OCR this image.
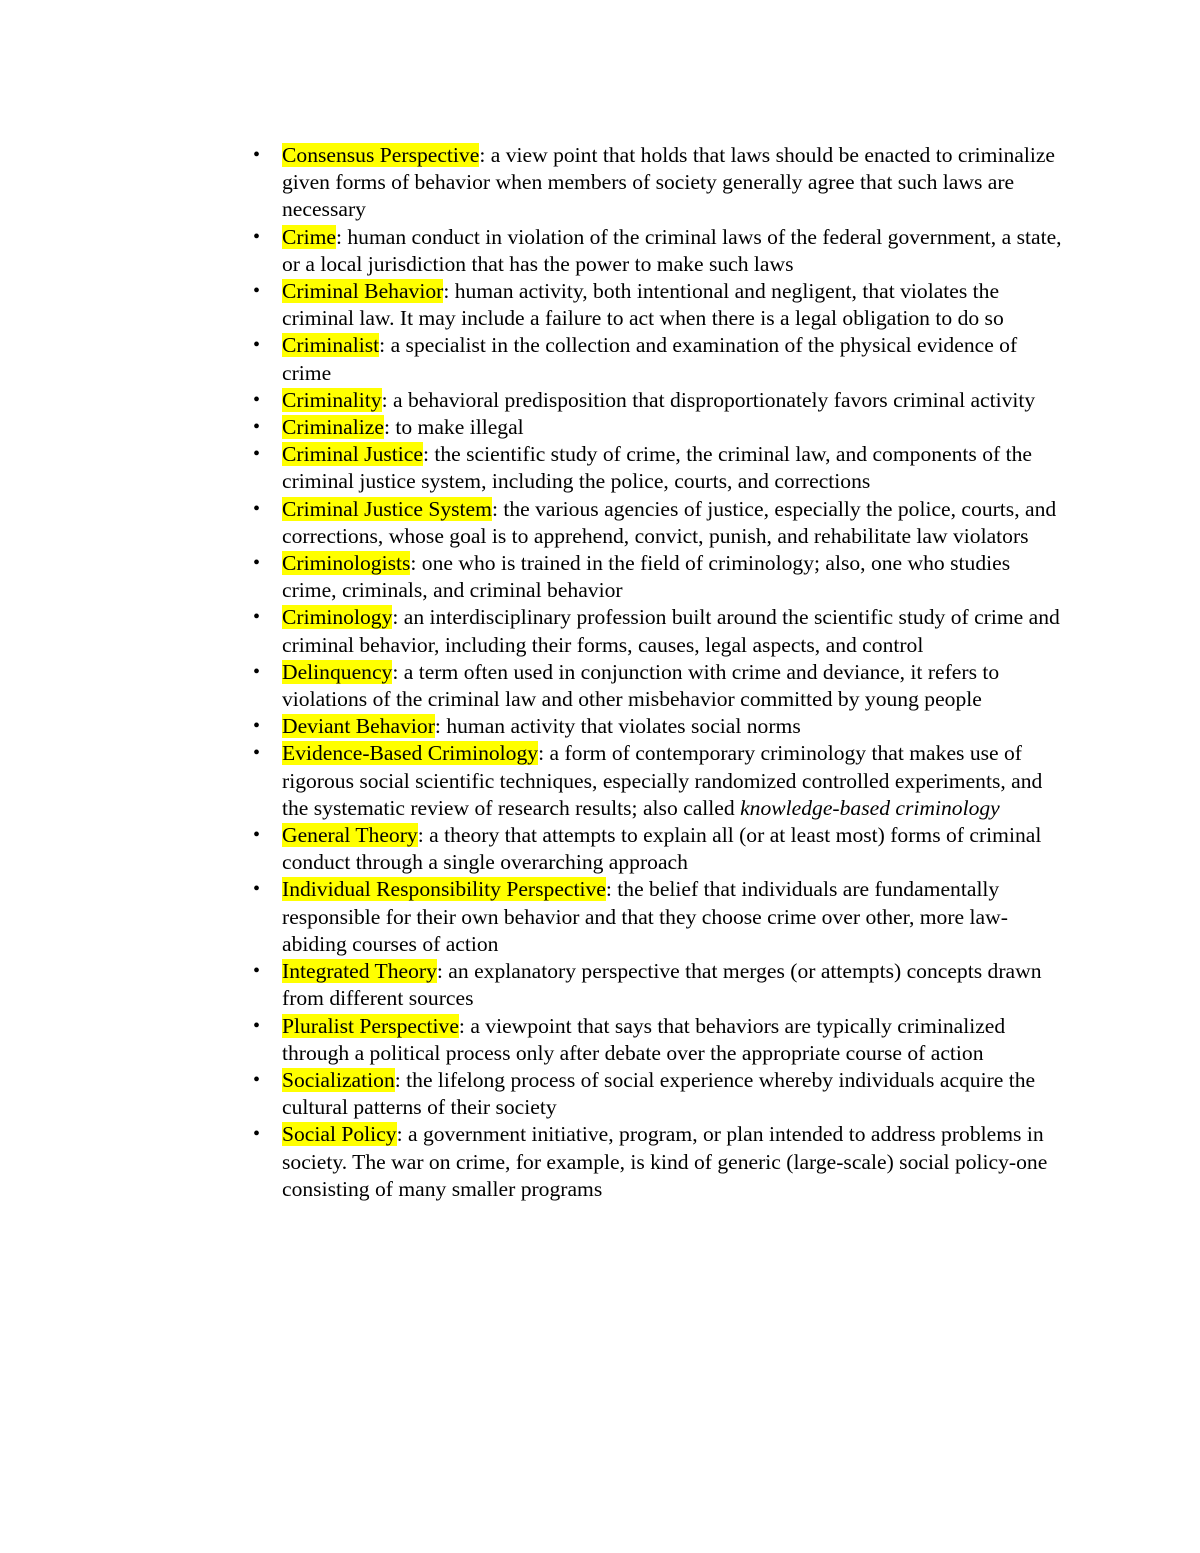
• Consensus Perspective: a view point that holds that laws should be enacted to criminalize given forms of behavior when members of society generally agree that such laws are necessary
• Crime: human conduct in violation of the criminal laws of the federal government, a state, or a local jurisdiction that has the power to make such laws
• Criminal Behavior: human activity, both intentional and negligent, that violates the criminal law. It may include a failure to act when there is a legal obligation to do so
• Criminalist: a specialist in the collection and examination of the physical evidence of crime
• Criminality: a behavioral predisposition that disproportionately favors criminal activity
• Criminalize: to make illegal
• Criminal Justice: the scientific study of crime, the criminal law, and components of the criminal justice system, including the police, courts, and corrections
• Criminal Justice System: the various agencies of justice, especially the police, courts, and corrections, whose goal is to apprehend, convict, punish, and rehabilitate law violators
• Criminologists: one who is trained in the field of criminology; also, one who studies crime, criminals, and criminal behavior
• Criminology: an interdisciplinary profession built around the scientific study of crime and criminal behavior, including their forms, causes, legal aspects, and control
• Delinquency: a term often used in conjunction with crime and deviance, it refers to violations of the criminal law and other misbehavior committed by young people
• Deviant Behavior: human activity that violates social norms
• Evidence-Based Criminology: a form of contemporary criminology that makes use of rigorous social scientific techniques, especially randomized controlled experiments, and the systematic review of research results; also called knowledge-based criminology
• General Theory: a theory that attempts to explain all (or at least most) forms of criminal conduct through a single overarching approach
• Individual Responsibility Perspective: the belief that individuals are fundamentally responsible for their own behavior and that they choose crime over other, more law-abiding courses of action
• Integrated Theory: an explanatory perspective that merges (or attempts) concepts drawn from different sources
• Pluralist Perspective: a viewpoint that says that behaviors are typically criminalized through a political process only after debate over the appropriate course of action
• Socialization: the lifelong process of social experience whereby individuals acquire the cultural patterns of their society
• Social Policy: a government initiative, program, or plan intended to address problems in society. The war on crime, for example, is kind of generic (large-scale) social policy-one consisting of many smaller programs
